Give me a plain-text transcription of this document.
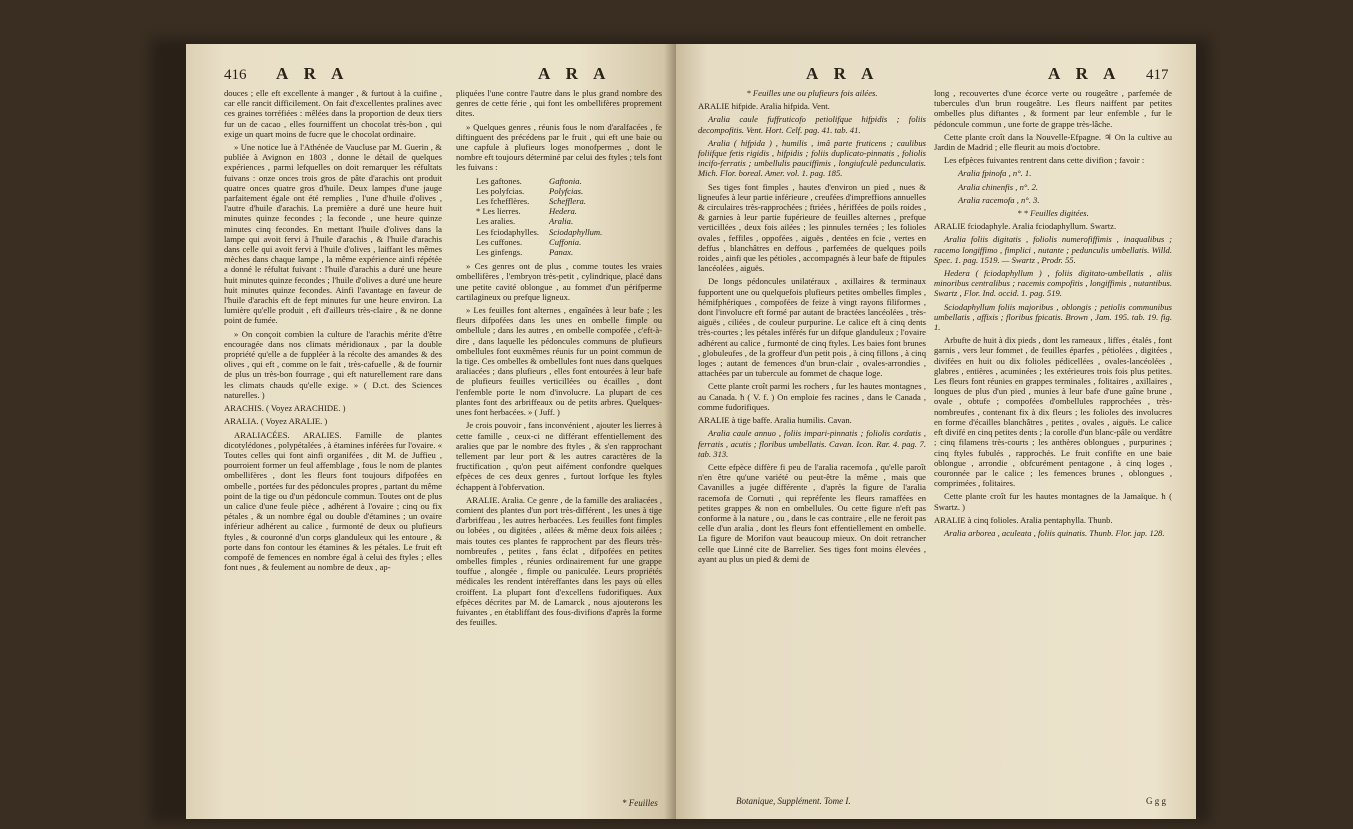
416 A R A	A R A

douces ; elle eft excellente à manger , & furtout à la cuifine , car elle rancit difficilement. On fait d'excellentes pralines avec ces graines torréfiées : mêlées dans la proportion de deux tiers fur un de cacao , elles fourniffent un chocolat très-bon , qui exige un quart moins de fucre que le chocolat ordinaire.

» Une notice lue à l'Athénée de Vaucluse par M. Guerin , & publiée à Avignon en 1803 , donne le détail de quelques expériences , parmi lefquelles on doit remarquer les réfultats fuivans : onze onces trois gros de pâte d'arachis ont produit quatre onces quatre gros d'huile. Deux lampes d'une jauge parfaitement égale ont été remplies , l'une d'huile d'olives , l'autre d'huile d'arachis. La première a duré une heure huit minutes quinze fecondes ; la feconde , une heure quinze minutes cinq fecondes. En mettant l'huile d'olives dans la lampe qui avoit fervi à l'huile d'arachis , & l'huile d'arachis dans celle qui avoit fervi à l'huile d'olives , laiffant les mêmes mèches dans chaque lampe , la même expérience ainfi répétée a donné le réfultat fuivant : l'huile d'arachis a duré une heure huit minutes quinze fecondes ; l'huile d'olives a duré une heure huit minutes quinze fecondes. Ainfi l'avantage en faveur de l'huile d'arachis eft de fept minutes fur une heure environ. La lumière qu'elle produit , eft d'ailleurs très-claire , & ne donne point de fumée.

» On conçoit combien la culture de l'arachis mérite d'être encouragée dans nos climats méridionaux , par la double propriété qu'elle a de fuppléer à la récolte des amandes & des olives , qui eft , comme on le fait , très-cafuelle , & de fournir de plus un très-bon fourrage , qui eft naturellement rare dans les climats chauds qu'elle exige. » ( D.ct. des Sciences naturelles. )

ARACHIS. ( Voyez ARACHIDE. )

ARALIA. ( Voyez ARALIE. )

ARALIACÉES. ARALIES. Famille de plantes dicotylédones , polypétalées , à étamines inférées fur l'ovaire. « Toutes celles qui font ainfi organifées , dit M. de Juffieu , pourroient former un feul affemblage , fous le nom de plantes ombellifères , dont les fleurs font toujours difpofées en ombelle , portées fur des pédoncules propres , partant du même point de la tige ou d'un pédoncule commun. Toutes ont de plus un calice d'une feule pièce , adhérent à l'ovaire ; cinq ou fix pétales , & un nombre égal ou double d'étamines ; un ovaire inférieur adhérent au calice , furmonté de deux ou plufieurs ftyles , & couronné d'un corps glanduleux qui les entoure , & porte dans fon contour les étamines & les pétales. Le fruit eft compofé de femences en nombre égal à celui des ftyles ; elles font nues , & feulement au nombre de deux , ap-

pliquées l'une contre l'autre dans le plus grand nombre des genres de cette férie , qui font les ombellifères proprement dites.

» Quelques genres , réunis fous le nom d'aralfacées , fe diftinguent des précédens par le fruit , qui eft une baie ou une capfule à plufieurs loges monofpermes , dont le nombre eft toujours déterminé par celui des ftyles ; tels font les fuivans :

Les gaftones.	Gaftonia.
Les polyfcias.	Polyfcias.
Les fchefflères.	Schefflera.
* Les lierres.	Hedera.
Les aralies.	Aralia.
Les fciodaphylles.	Sciodaphyllum.
Les cuffones.	Cuffonia.
Les ginfengs.	Panax.

» Ces genres ont de plus , comme toutes les vraies ombellifères , l'embryon très-petit , cylindrique, placé dans une petite cavité oblongue , au fommet d'un périfperme cartilagineux ou prefque ligneux.

» Les feuilles font alternes , engaînées à leur bafe ; les fleurs difpofées dans les unes en ombelle fimple ou ombellule ; dans les autres , en ombelle compofée , c'eft-à-dire , dans laquelle les pédoncules communs de plufieurs ombellules font euxmêmes réunis fur un point commun de la tige. Ces ombelles & ombellules font nues dans quelques araliacées ; dans plufieurs , elles font entourées à leur bafe de plufieurs feuilles verticillées ou écailles , dont l'enfemble porte le nom d'involucre. La plupart de ces plantes font des arbriffeaux ou de petits arbres. Quelques-unes font herbacées. » ( Juff. )

Je crois pouvoir , fans inconvénient , ajouter les lierres à cette famille , ceux-ci ne différant effentiellement des aralies que par le nombre des ftyles , & s'en rapprochant tellement par leur port & les autres caractères de la fructification , qu'on peut aifément confondre quelques efpèces de ces deux genres , furtout lorfque les ftyles échappent à l'obfervation.

ARALIE. Aralia. Ce genre , de la famille des araliacées , comient des plantes d'un port très-différent , les unes à tige d'arbriffeau , les autres herbacées. Les feuilles font fimples ou lobées , ou digitées , ailées & même deux fois ailées ; mais toutes ces plantes fe rapprochent par des fleurs très-nombreufes , petites , fans éclat , difpofées en petites ombelles fimples , réunies ordinairement fur une grappe touffue , alongée , fimple ou paniculée. Leurs propriétés médicales les rendent intéreffantes dans les pays où elles croiffent. La plupart font d'excellens fudorifiques. Aux efpèces décrites par M. de Lamarck , nous ajouterons les fuivantes , en établiffant des fous-divifions d'après la forme des feuilles.

* Feuilles
A R A	A R A 417

* Feuilles une ou plufieurs fois ailées.

ARALIE hifpide. Aralia hifpida. Vent.

Aralia caule fuffruticofo petiolifque hifpidis ; foliis decompofitis. Vent. Hort. Celf. pag. 41. tab. 41.

Aralia ( hifpida ) , humilis , imâ parte fruticens ; caulibus foliifque fetis rigidis , hifpidis ; foliis duplicato-pinnatis , foliolis incifo-ferratis ; umbellulis pauciffimis , longiufculè pedunculatis. Mich. Flor. boreal. Amer. vol. 1. pag. 185.

Ses tiges font fimples , hautes d'environ un pied , nues & ligneufes à leur partie inférieure , creufées d'impreffions annuelles & circulaires très-rapprochées ; ftriées , hériffées de poils roides , & garnies à leur partie fupérieure de feuilles alternes , prefque verticillées , deux fois ailées ; les pinnules ternées ; les folioles ovales , feffiles , oppofées , aiguës , dentées en fcie , vertes en deffus , blanchâtres en deffous , parfemées de quelques poils roides , ainfi que les pétioles , accompagnés à leur bafe de ftipules lancéolées , aiguës.

De longs pédoncules unilatéraux , axillaires & terminaux fupportent une ou quelquefois plufieurs petites ombelles fimples , hémifphériques , compofées de feize à vingt rayons filiformes , dont l'involucre eft formé par autant de bractées lancéolées , très-aiguës , ciliées , de couleur purpurine. Le calice eft à cinq dents très-courtes ; les pétales inférés fur un difque glanduleux ; l'ovaire adhérent au calice , furmonté de cinq ftyles. Les baies font brunes , globuleufes , de la groffeur d'un petit pois , à cinq fillons , à cinq loges ; autant de femences d'un brun-clair , ovales-arrondies , attachées par un tubercule au fommet de chaque loge.

Cette plante croît parmi les rochers , fur les hautes montagnes , au Canada. ħ ( V. f. ) On emploie fes racines , dans le Canada , comme fudorifiques.

ARALIE à tige baffe. Aralia humilis. Cavan.

Aralia caule annuo , foliis impari-pinnatis ; foliolis cordatis , ferratis , acutis ; floribus umbellatis. Cavan. Icon. Rar. 4. pag. 7. tab. 313.

Cette efpèce diffère fi peu de l'aralia racemofa , qu'elle paroît n'en être qu'une variété ou peut-être la même , mais que Cavanilles a jugée différente , d'après la figure de l'aralia racemofa de Cornuti , qui repréfente les fleurs ramaffées en petites grappes & non en ombellules. Ou cette figure n'eft pas conforme à la nature , ou , dans le cas contraire , elle ne feroit pas celle d'un aralia , dont les fleurs font effentiellement en ombelle. La figure de Morifon vaut beaucoup mieux. On doit retrancher celle que Linné cite de Barrelier. Ses tiges font moins élevées , ayant au plus un pied & demi de

Botanique, Supplément. Tome I.

long , recouvertes d'une écorce verte ou rougeâtre , parfemée de tubercules d'un brun rougeâtre. Les fleurs naiffent par petites ombelles plus diftantes , & forment par leur enfemble , fur le pédoncule commun , une forte de grappe très-lâche.

Cette plante croît dans la Nouvelle-Efpagne. ♃ On la cultive au Jardin de Madrid ; elle fleurit au mois d'octobre.

Les efpèces fuivantes rentrent dans cette divifion ; favoir :

Aralia fpinofa , n°. 1.

Aralia chinenfis , n°. 2.

Aralia racemofa , n°. 3.

* * Feuilles digitées.

ARALIE fciodaphyle. Aralia fciodaphyllum. Swartz.

Aralia foliis digitatis , foliolis numerofiffimis , inaqualibus ; racemo longiffimo , fimplici , nutante ; pedunculis umbellatis. Willd. Spec. 1. pag. 1519. — Swartz , Prodr. 55.

Hedera ( fciodaphyllum ) , foliis digitato-umbellatis , aliis minoribus centralibus ; racemis compofitis , longiffimis , nutantibus. Swartz , Flor. Ind. occid. 1. pag. 519.

Sciodaphyllum foliis majoribus , oblongis ; petiolis communibus umbellatis , affixis ; floribus fpicatis. Brown , Jam. 195. tab. 19. fig. 1.

Arbufte de huit à dix pieds , dont les rameaux , liffes , étalés , font garnis , vers leur fommet , de feuilles éparfes , pétiolées , digitées , divifées en huit ou dix folioles pédicellées , ovales-lancéolées , glabres , entières , acuminées ; les extérieures trois fois plus petites. Les fleurs font réunies en grappes terminales , folitaires , axillaires , longues de plus d'un pied , munies à leur bafe d'une gaîne brune , ovale , obtufe ; compofées d'ombellules rapprochées , très-nombreufes , contenant fix à dix fleurs ; les folioles des involucres en forme d'écailles blanchâtres , petites , ovales , aiguës. Le calice eft divifé en cinq petites dents ; la corolle d'un blanc-pâle ou verdâtre ; cinq filamens très-courts ; les anthères oblongues , purpurines ; cinq ftyles fubulés , rapprochés. Le fruit confifte en une baie oblongue , arrondie , obfcurément pentagone , à cinq loges , couronnée par le calice ; les femences brunes , oblongues , comprimées , folitaires.

Cette plante croît fur les hautes montagnes de la Jamaïque. ħ ( Swartz. )

ARALIE à cinq folioles. Aralia pentaphylla. Thunb.

Aralia arborea , aculeata , foliis quinatis. Thunb. Flor. jap. 128.

G g g
